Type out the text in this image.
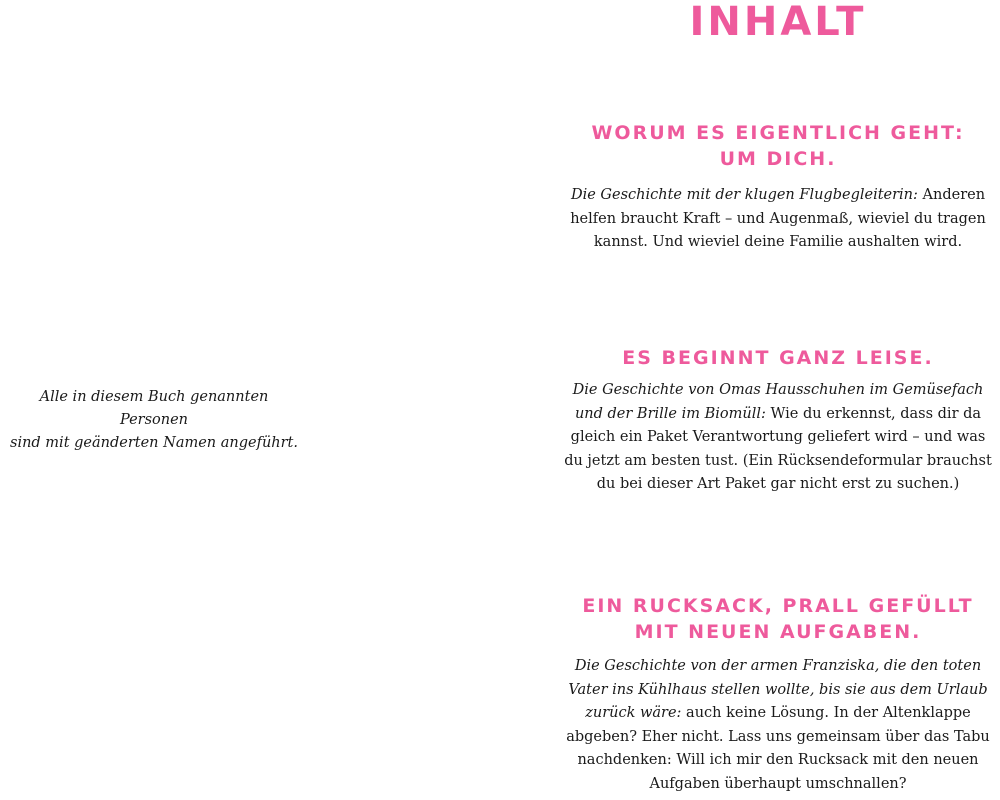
Alle in diesem Buch genannten Personen
sind mit geänderten Namen angeführt.

INHALT
WORUM ES EIGENTLICH GEHT:
UM DICH.

Die Geschichte mit der klugen Flugbegleiterin: Anderen helfen braucht Kraft – und Augenmaß, wieviel du tragen kannst. Und wieviel deine Familie aushalten wird.

ES BEGINNT GANZ LEISE.

Die Geschichte von Omas Hausschuhen im Gemüsefach und der Brille im Biomüll: Wie du erkennst, dass dir da gleich ein Paket Verantwortung geliefert wird – und was du jetzt am besten tust. (Ein Rücksendeformular brauchst du bei dieser Art Paket gar nicht erst zu suchen.)

EIN RUCKSACK, PRALL GEFÜLLT
MIT NEUEN AUFGABEN.

Die Geschichte von der armen Franziska, die den toten Vater ins Kühlhaus stellen wollte, bis sie aus dem Urlaub zurück wäre: auch keine Lösung. In der Altenklappe abgeben? Eher nicht. Lass uns gemeinsam über das Tabu nachdenken: Will ich mir den Rucksack mit den neuen Aufgaben überhaupt umschnallen?
